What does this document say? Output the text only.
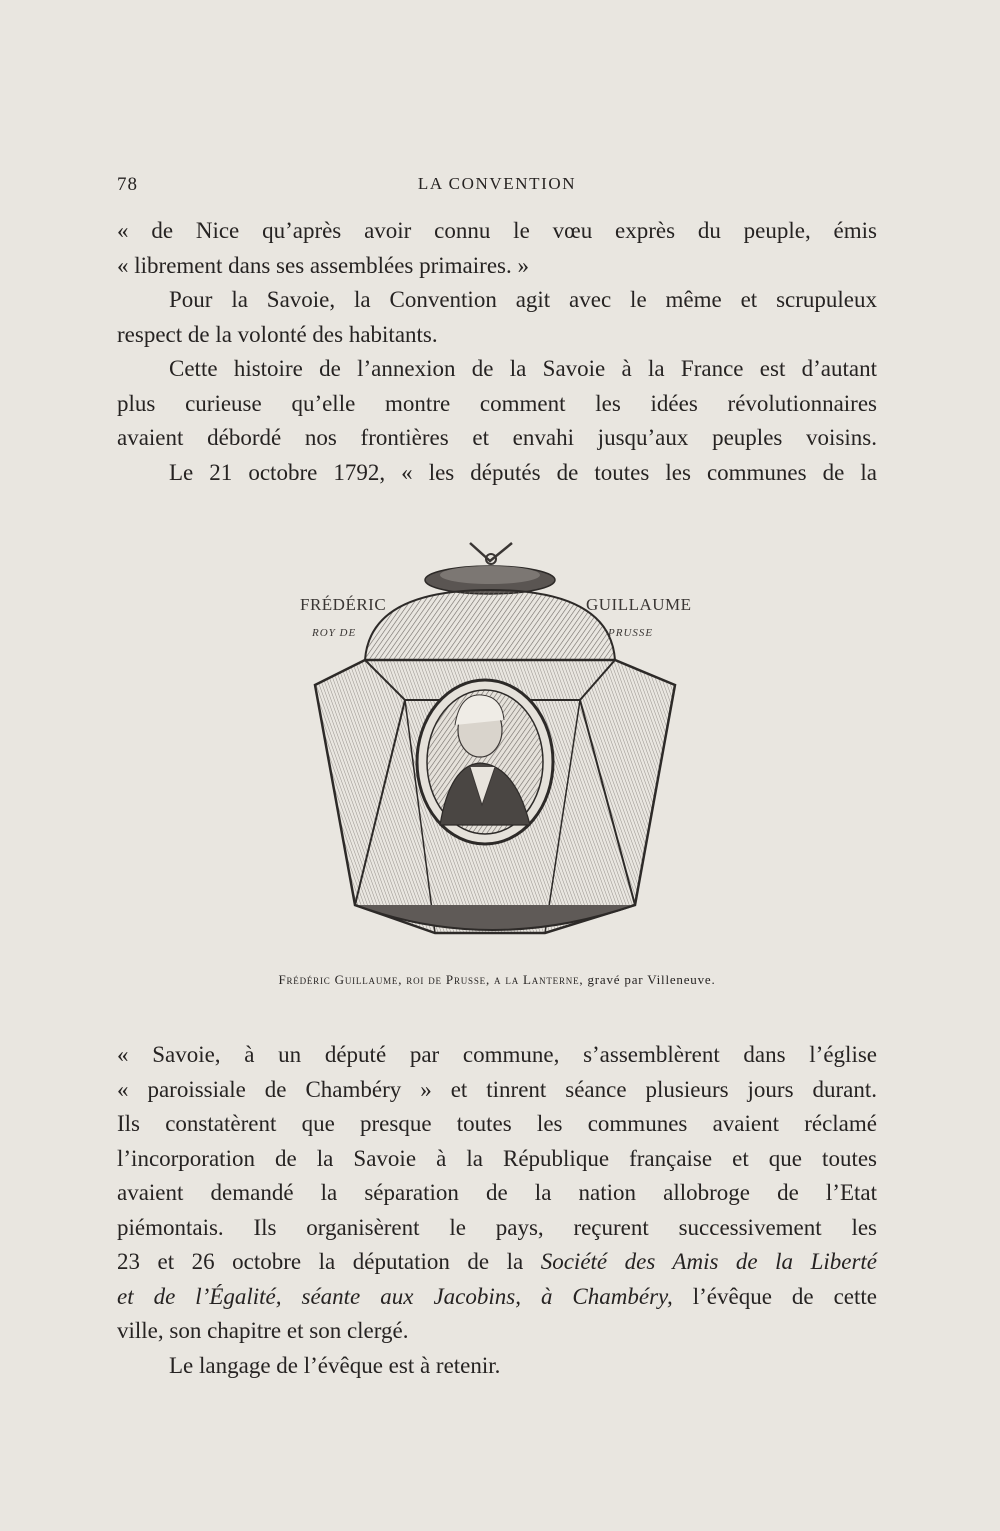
78	LA CONVENTION
« de Nice qu’après avoir connu le vœu exprès du peuple, émis
« librement dans ses assemblées primaires. »
Pour la Savoie, la Convention agit avec le même et scrupuleux
respect de la volonté des habitants.
Cette histoire de l’annexion de la Savoie à la France est d’autant
plus curieuse qu’elle montre comment les idées révolutionnaires
avaient débordé nos frontières et envahi jusqu’aux peuples voisins.
Le 21 octobre 1792, « les députés de toutes les communes de la
FRÉDÉRIC
ROY DE
GUILLAUME
PRUSSE
Frédéric Guillaume, roi de Prusse, a la Lanterne, gravé par Villeneuve.
« Savoie, à un député par commune, s’assemblèrent dans l’église
« paroissiale de Chambéry » et tinrent séance plusieurs jours durant.
Ils constatèrent que presque toutes les communes avaient réclamé
l’incorporation de la Savoie à la République française et que toutes
avaient demandé la séparation de la nation allobroge de l’Etat
piémontais. Ils organisèrent le pays, reçurent successivement les
23 et 26 octobre la députation de la Société des Amis de la Liberté
et de l’Égalité, séante aux Jacobins, à Chambéry, l’évêque de cette
ville, son chapitre et son clergé.
Le langage de l’évêque est à retenir.
